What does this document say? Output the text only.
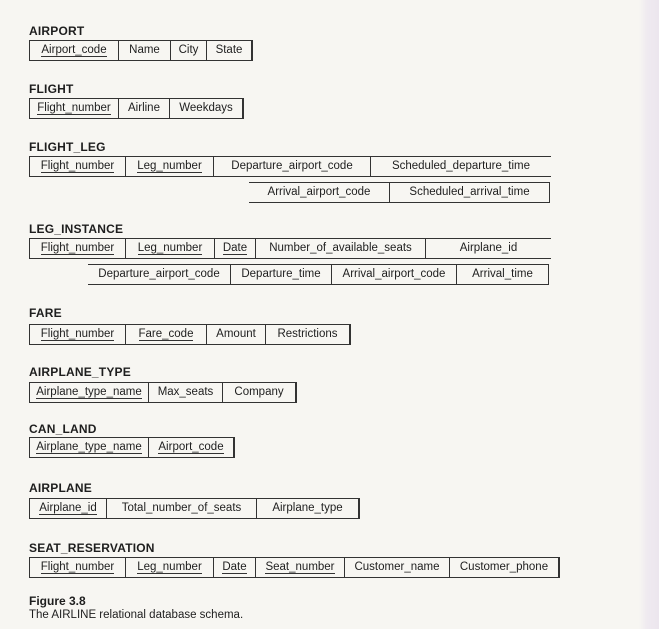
AIRPORT
Airport_code	Name	City	State
FLIGHT
Flight_number	Airline	Weekdays
FLIGHT_LEG
Flight_number	Leg_number	Departure_airport_code	Scheduled_departure_time
Arrival_airport_code	Scheduled_arrival_time
LEG_INSTANCE
Flight_number	Leg_number	Date	Number_of_available_seats	Airplane_id
Departure_airport_code	Departure_time	Arrival_airport_code	Arrival_time
FARE
Flight_number	Fare_code	Amount	Restrictions
AIRPLANE_TYPE
Airplane_type_name	Max_seats	Company
CAN_LAND
Airplane_type_name	Airport_code
AIRPLANE
Airplane_id	Total_number_of_seats	Airplane_type
SEAT_RESERVATION
Flight_number	Leg_number	Date	Seat_number	Customer_name	Customer_phone
Figure 3.8
The AIRLINE relational database schema.
